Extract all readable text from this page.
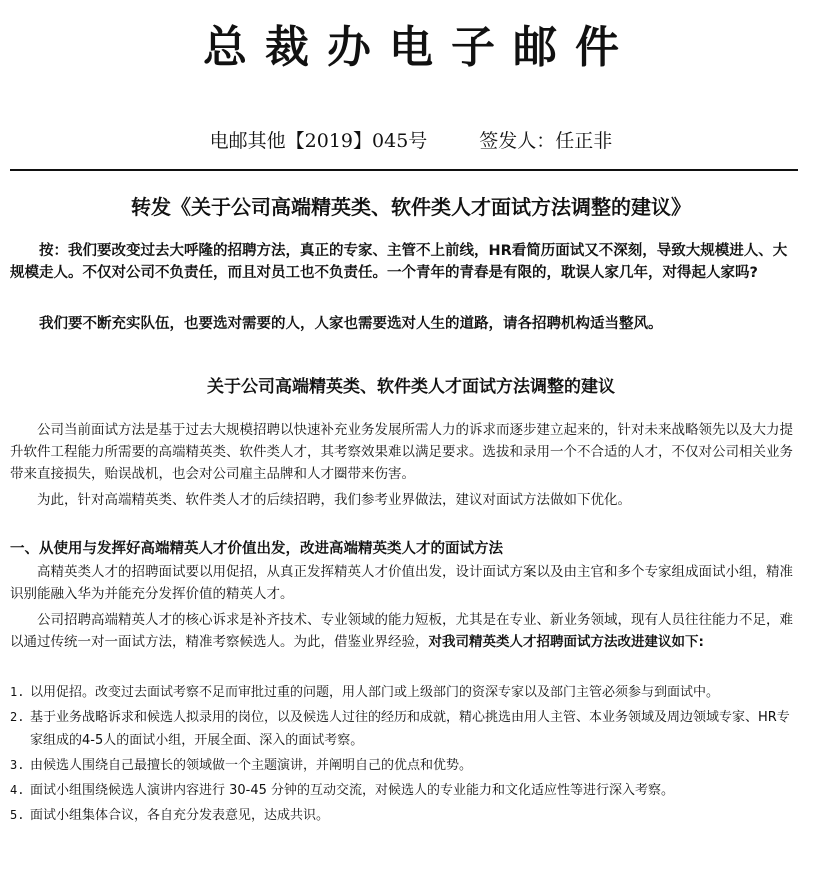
总裁办电子邮件
电邮其他【2019】045号	签发人：任正非
转发《关于公司高端精英类、软件类人才面试方法调整的建议》
按：我们要改变过去大呼隆的招聘方法，真正的专家、主管不上前线，HR看简历面试又不深刻，导致大规模进人、大规模走人。不仅对公司不负责任，而且对员工也不负责任。一个青年的青春是有限的，耽误人家几年，对得起人家吗?
我们要不断充实队伍，也要选对需要的人，人家也需要选对人生的道路，请各招聘机构适当整风。
关于公司高端精英类、软件类人才面试方法调整的建议
公司当前面试方法是基于过去大规模招聘以快速补充业务发展所需人力的诉求而逐步建立起来的，针对未来战略领先以及大力提升软件工程能力所需要的高端精英类、软件类人才，其考察效果难以满足要求。选拔和录用一个不合适的人才，不仅对公司相关业务带来直接损失，贻误战机，也会对公司雇主品牌和人才圈带来伤害。
为此，针对高端精英类、软件类人才的后续招聘，我们参考业界做法，建议对面试方法做如下优化。
一、从使用与发挥好高端精英人才价值出发，改进高端精英类人才的面试方法
高精英类人才的招聘面试要以用促招，从真正发挥精英人才价值出发，设计面试方案以及由主官和多个专家组成面试小组，精准识别能融入华为并能充分发挥价值的精英人才。
公司招聘高端精英人才的核心诉求是补齐技术、专业领域的能力短板，尤其是在专业、新业务领域，现有人员往往能力不足，难以通过传统一对一面试方法，精准考察候选人。为此，借鉴业界经验，对我司精英类人才招聘面试方法改进建议如下:
1. 以用促招。改变过去面试考察不足而审批过重的问题，用人部门或上级部门的资深专家以及部门主管必须参与到面试中。
2. 基于业务战略诉求和候选人拟录用的岗位，以及候选人过往的经历和成就，精心挑选由用人主管、本业务领域及周边领域专家、HR专家组成的4-5人的面试小组，开展全面、深入的面试考察。
3. 由候选人围绕自己最擅长的领域做一个主题演讲，并阐明自己的优点和优势。
4. 面试小组围绕候选人演讲内容进行 30-45 分钟的互动交流，对候选人的专业能力和文化适应性等进行深入考察。
5. 面试小组集体合议，各自充分发表意见，达成共识。
